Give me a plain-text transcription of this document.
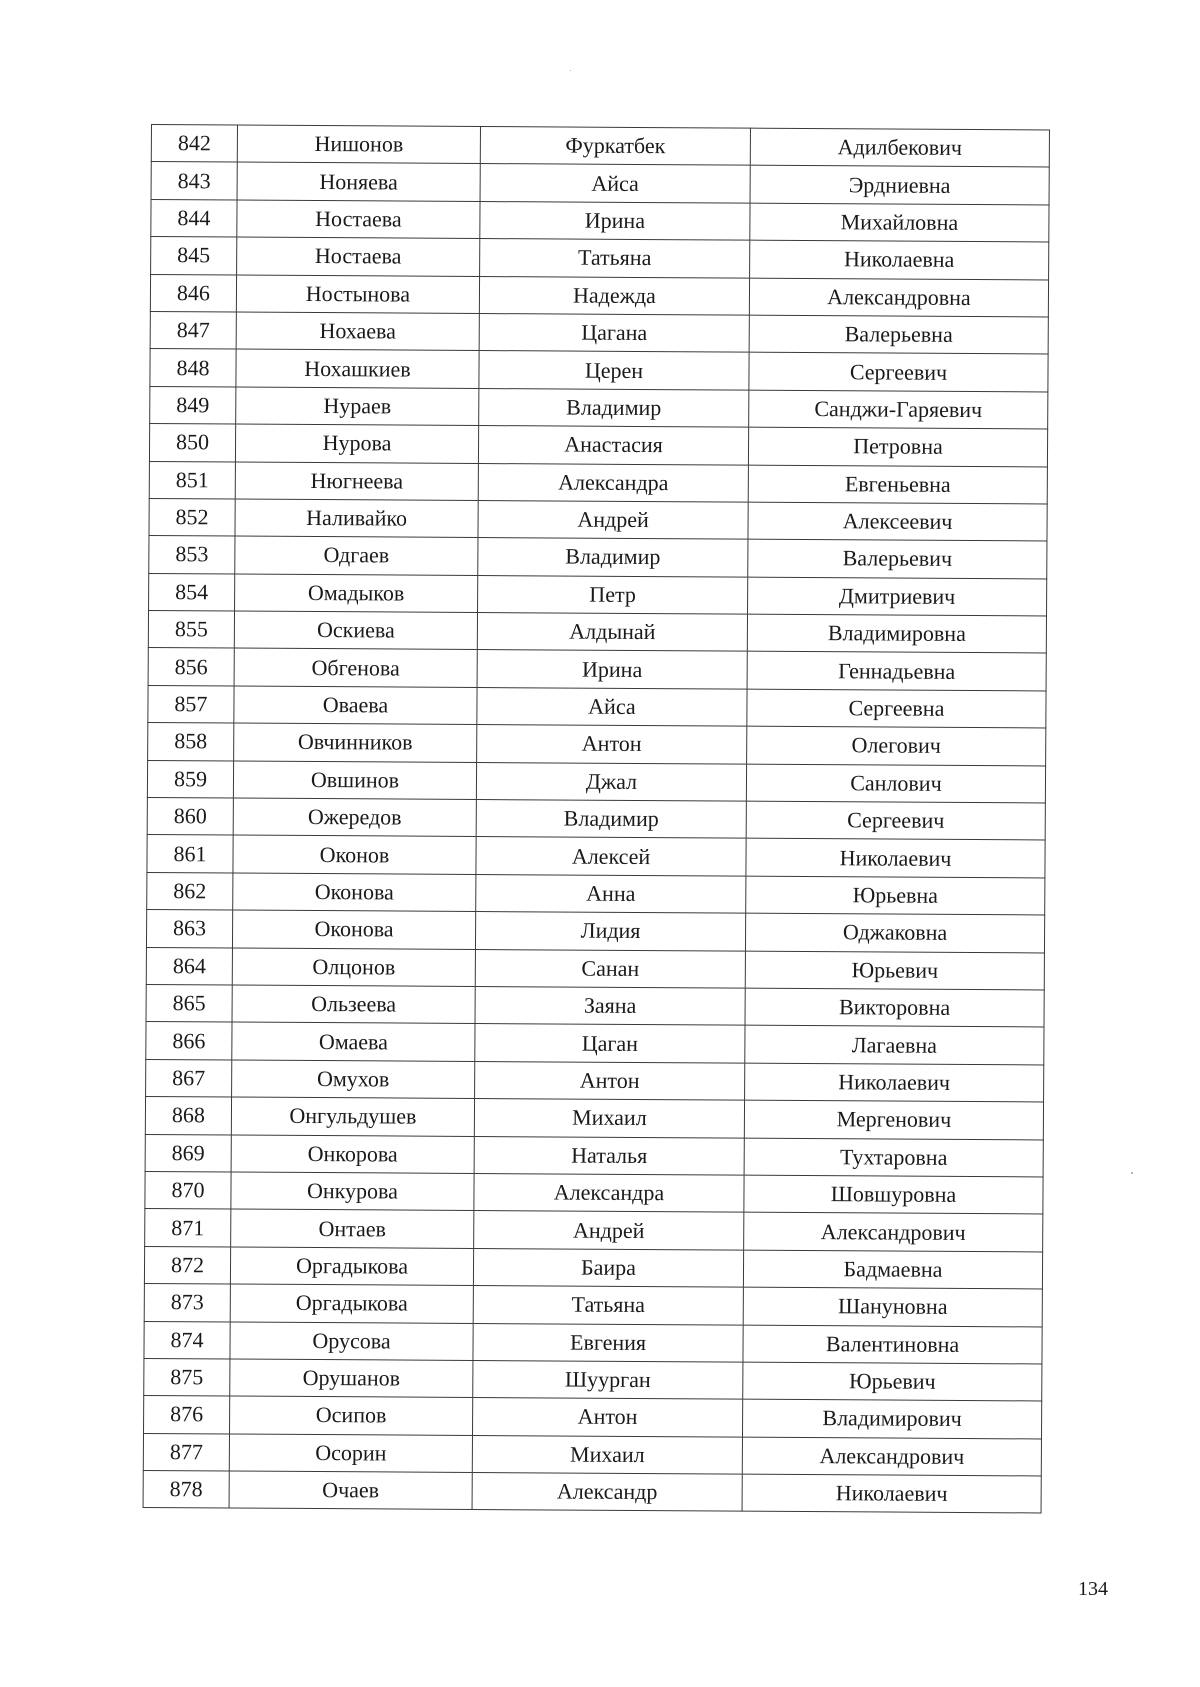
842	Нишонов	Фуркатбек	Адилбекович
843	Ноняева	Айса	Эрдниевна
844	Ностаева	Ирина	Михайловна
845	Ностаева	Татьяна	Николаевна
846	Ностынова	Надежда	Александровна
847	Нохаева	Цагана	Валерьевна
848	Нохашкиев	Церен	Сергеевич
849	Нураев	Владимир	Санджи-Гаряевич
850	Нурова	Анастасия	Петровна
851	Нюгнеева	Александра	Евгеньевна
852	Наливайко	Андрей	Алексеевич
853	Одгаев	Владимир	Валерьевич
854	Омадыков	Петр	Дмитриевич
855	Оскиева	Алдынай	Владимировна
856	Обгенова	Ирина	Геннадьевна
857	Оваева	Айса	Сергеевна
858	Овчинников	Антон	Олегович
859	Овшинов	Джал	Санлович
860	Ожередов	Владимир	Сергеевич
861	Оконов	Алексей	Николаевич
862	Оконова	Анна	Юрьевна
863	Оконова	Лидия	Оджаковна
864	Олцонов	Санан	Юрьевич
865	Ользеева	Заяна	Викторовна
866	Омаева	Цаган	Лагаевна
867	Омухов	Антон	Николаевич
868	Онгульдушев	Михаил	Мергенович
869	Онкорова	Наталья	Тухтаровна
870	Онкурова	Александра	Шовшуровна
871	Онтаев	Андрей	Александрович
872	Оргадыкова	Баира	Бадмаевна
873	Оргадыкова	Татьяна	Шануновна
874	Орусова	Евгения	Валентиновна
875	Орушанов	Шуурган	Юрьевич
876	Осипов	Антон	Владимирович
877	Осорин	Михаил	Александрович
878	Очаев	Александр	Николаевич
134
